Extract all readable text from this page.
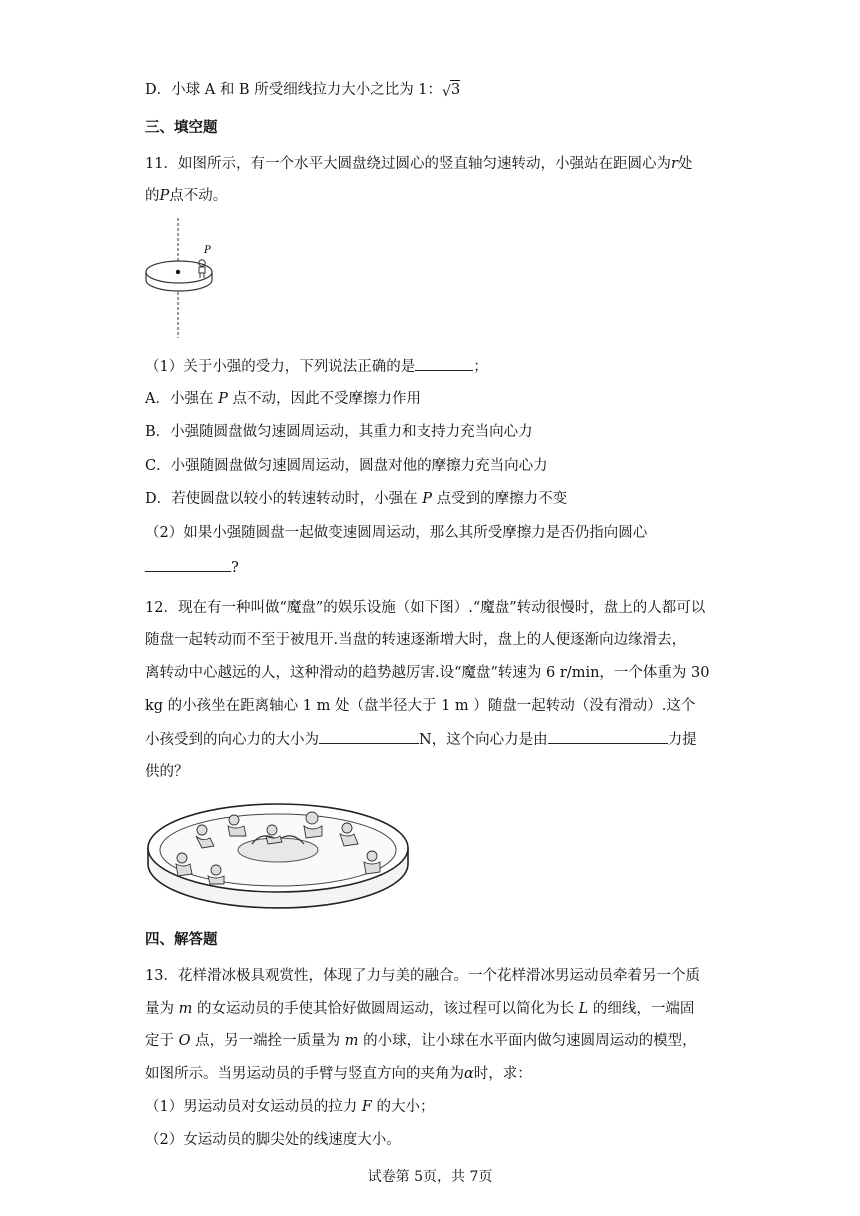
D．小球 A 和 B 所受细线拉力大小之比为 1： √ 3
三、填空题
11．如图所示，有一个水平大圆盘绕过圆心的竖直轴匀速转动，小强站在距圆心为r处
的P点不动。
P
（1）关于小强的受力，下列说法正确的是	；
A．小强在 P 点不动，因此不受摩擦力作用
B．小强随圆盘做匀速圆周运动，其重力和支持力充当向心力
C．小强随圆盘做匀速圆周运动，圆盘对他的摩擦力充当向心力
D．若使圆盘以较小的转速转动时，小强在 P 点受到的摩擦力不变
（2）如果小强随圆盘一起做变速圆周运动，那么其所受摩擦力是否仍指向圆心
?
12．现在有一种叫做“魔盘”的娱乐设施（如下图）.“魔盘”转动很慢时，盘上的人都可以
随盘一起转动而不至于被甩开.当盘的转速逐渐增大时，盘上的人便逐渐向边缘滑去，
离转动中心越远的人，这种滑动的趋势越厉害.设“魔盘”转速为 6 r/min，一个体重为 30
kg 的小孩坐在距离轴心 1 m 处（盘半径大于 1 m ）随盘一起转动（没有滑动）.这个
小孩受到的向心力的大小为	N，这个向心力是由	力提
供的？
四、解答题
13．花样滑冰极具观赏性，体现了力与美的融合。一个花样滑冰男运动员牵着另一个质
量为 m 的女运动员的手使其恰好做圆周运动，该过程可以简化为长 L 的细线，一端固
定于 O 点，另一端拴一质量为 m 的小球，让小球在水平面内做匀速圆周运动的模型，
如图所示。当男运动员的手臂与竖直方向的夹角为α时，求：
（1）男运动员对女运动员的拉力 F 的大小；
（2）女运动员的脚尖处的线速度大小。
试卷第 5页，共 7页
